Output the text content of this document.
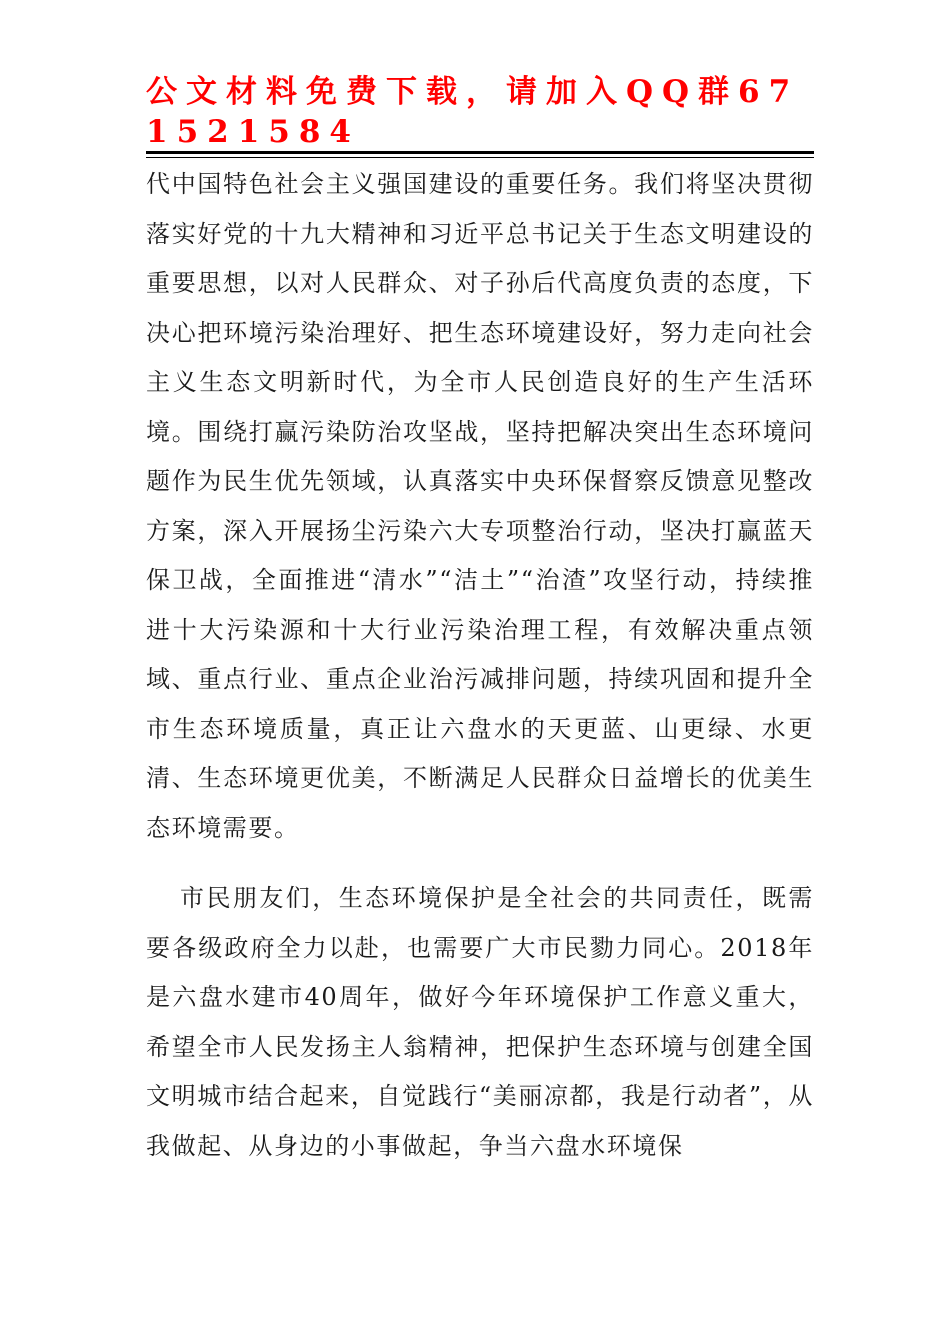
公文材料免费下载，请加入QQ群671521584

代中国特色社会主义强国建设的重要任务。我们将坚决贯彻落实好党的十九大精神和习近平总书记关于生态文明建设的重要思想，以对人民群众、对子孙后代高度负责的态度，下决心把环境污染治理好、把生态环境建设好，努力走向社会主义生态文明新时代，为全市人民创造良好的生产生活环境。围绕打赢污染防治攻坚战，坚持把解决突出生态环境问题作为民生优先领域，认真落实中央环保督察反馈意见整改方案，深入开展扬尘污染六大专项整治行动，坚决打赢蓝天保卫战，全面推进“清水”“洁土”“治渣”攻坚行动，持续推进十大污染源和十大行业污染治理工程，有效解决重点领域、重点行业、重点企业治污减排问题，持续巩固和提升全市生态环境质量，真正让六盘水的天更蓝、山更绿、水更清、生态环境更优美，不断满足人民群众日益增长的优美生态环境需要。

市民朋友们，生态环境保护是全社会的共同责任，既需要各级政府全力以赴，也需要广大市民勠力同心。2018年是六盘水建市40周年，做好今年环境保护工作意义重大，希望全市人民发扬主人翁精神，把保护生态环境与创建全国文明城市结合起来，自觉践行“美丽凉都，我是行动者”，从我做起、从身边的小事做起，争当六盘水环境保
